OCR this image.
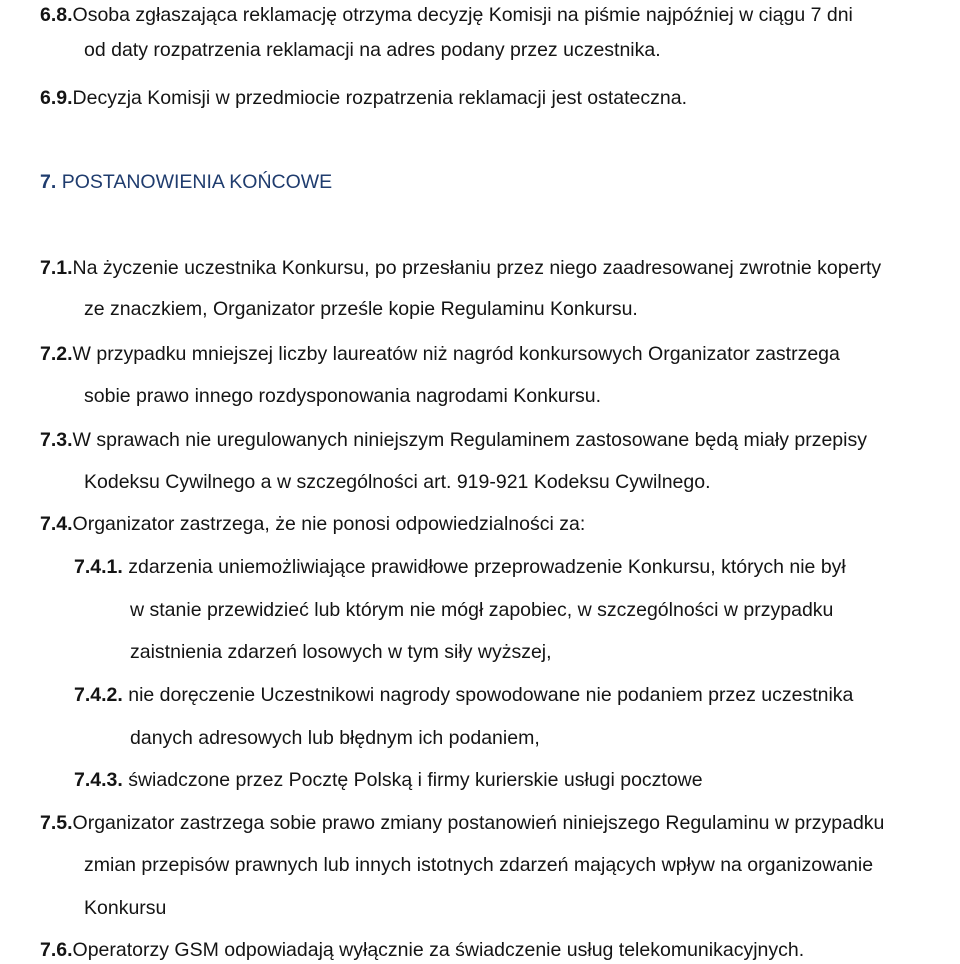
6.8.Osoba zgłaszająca reklamację otrzyma decyzję Komisji na piśmie najpóźniej w ciągu 7 dni
od daty rozpatrzenia reklamacji na adres podany przez uczestnika.
6.9.Decyzja Komisji w przedmiocie rozpatrzenia reklamacji jest ostateczna.
7. POSTANOWIENIA KOŃCOWE
7.1.Na życzenie uczestnika Konkursu, po przesłaniu przez niego zaadresowanej zwrotnie koperty
ze znaczkiem, Organizator prześle kopie Regulaminu Konkursu.
7.2.W przypadku mniejszej liczby laureatów niż nagród konkursowych Organizator zastrzega
sobie prawo innego rozdysponowania nagrodami Konkursu.
7.3.W sprawach nie uregulowanych niniejszym Regulaminem zastosowane będą miały przepisy
Kodeksu Cywilnego a w szczególności art. 919-921 Kodeksu Cywilnego.
7.4.Organizator zastrzega, że nie ponosi odpowiedzialności za:
7.4.1. zdarzenia uniemożliwiające prawidłowe przeprowadzenie Konkursu, których nie był
w stanie przewidzieć lub którym nie mógł zapobiec, w szczególności w przypadku
zaistnienia zdarzeń losowych w tym siły wyższej,
7.4.2. nie doręczenie Uczestnikowi nagrody spowodowane nie podaniem przez uczestnika
danych adresowych lub błędnym ich podaniem,
7.4.3. świadczone przez Pocztę Polską i firmy kurierskie usługi pocztowe
7.5.Organizator zastrzega sobie prawo zmiany postanowień niniejszego Regulaminu w przypadku
zmian przepisów prawnych lub innych istotnych zdarzeń mających wpływ na organizowanie
Konkursu
7.6.Operatorzy GSM odpowiadają wyłącznie za świadczenie usług telekomunikacyjnych.
